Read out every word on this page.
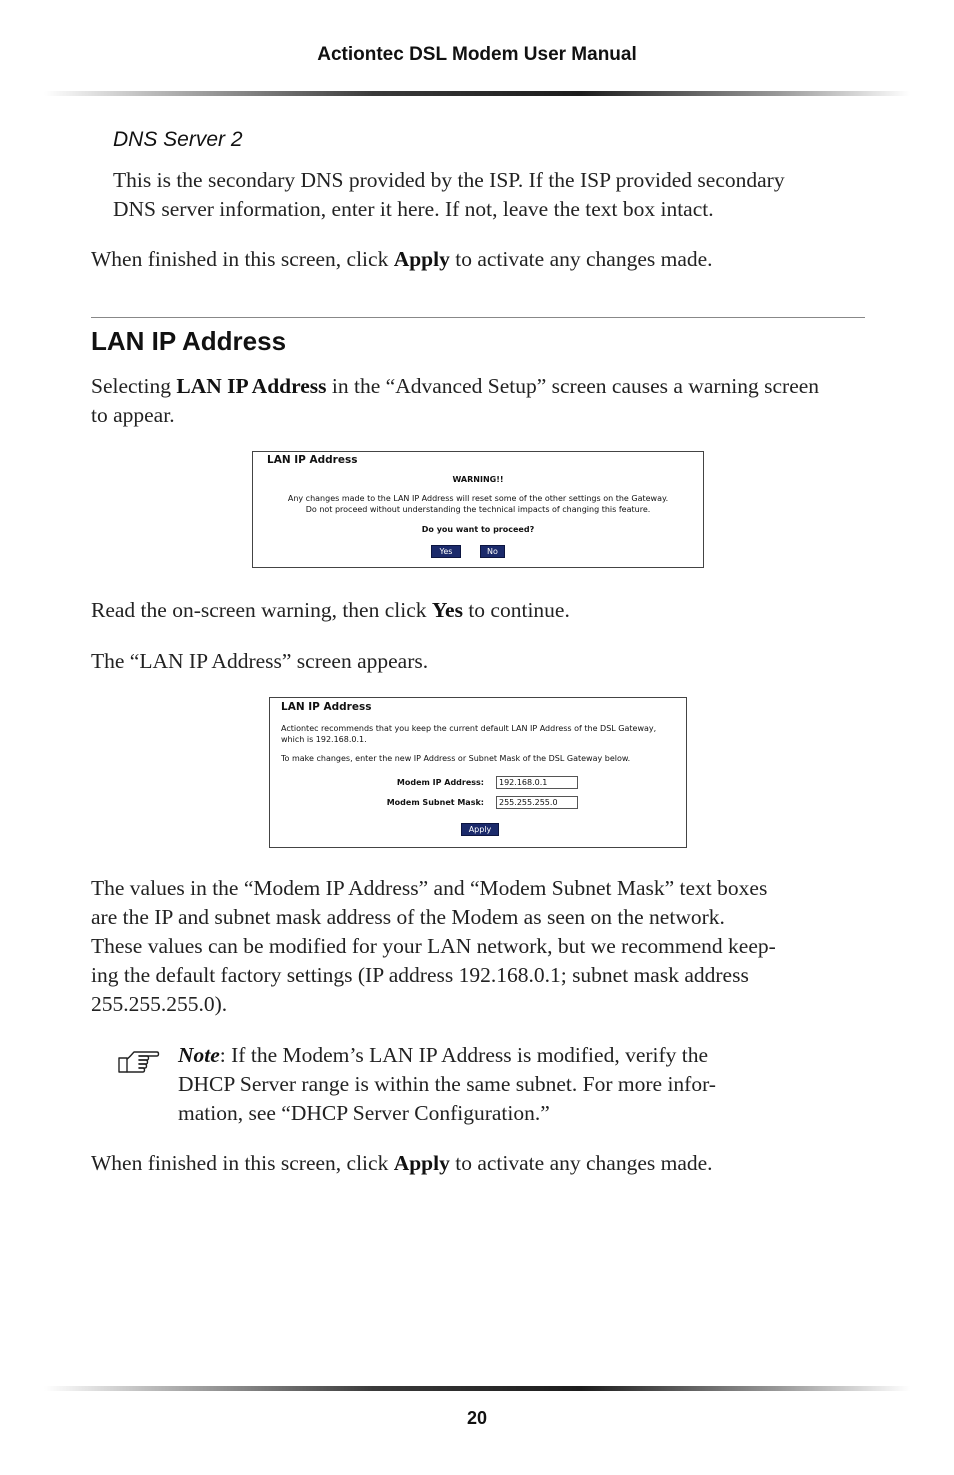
Actiontec DSL Modem User Manual
DNS Server 2
This is the secondary DNS provided by the ISP. If the ISP provided secondary
DNS server information, enter it here. If not, leave the text box intact.
When finished in this screen, click Apply to activate any changes made.
LAN IP Address
Selecting LAN IP Address in the “Advanced Setup” screen causes a warning screen
to appear.
LAN IP Address
WARNING!!
Any changes made to the LAN IP Address will reset some of the other settings on the Gateway.
Do not proceed without understanding the technical impacts of changing this feature.
Do you want to proceed?
Yes	No
Read the on-screen warning, then click Yes to continue.
The “LAN IP Address” screen appears.
LAN IP Address
Actiontec recommends that you keep the current default LAN IP Address of the DSL Gateway,
which is 192.168.0.1.
To make changes, enter the new IP Address or Subnet Mask of the DSL Gateway below.
Modem IP Address:	192.168.0.1
Modem Subnet Mask:	255.255.255.0
Apply
The values in the “Modem IP Address” and “Modem Subnet Mask” text boxes
are the IP and subnet mask address of the Modem as seen on the network.
These values can be modified for your LAN network, but we recommend keep-
ing the default factory settings (IP address 192.168.0.1; subnet mask address
255.255.255.0).
Note: If the Modem’s LAN IP Address is modified, verify the
DHCP Server range is within the same subnet. For more infor-
mation, see “DHCP Server Configuration.”
When finished in this screen, click Apply to activate any changes made.
20
